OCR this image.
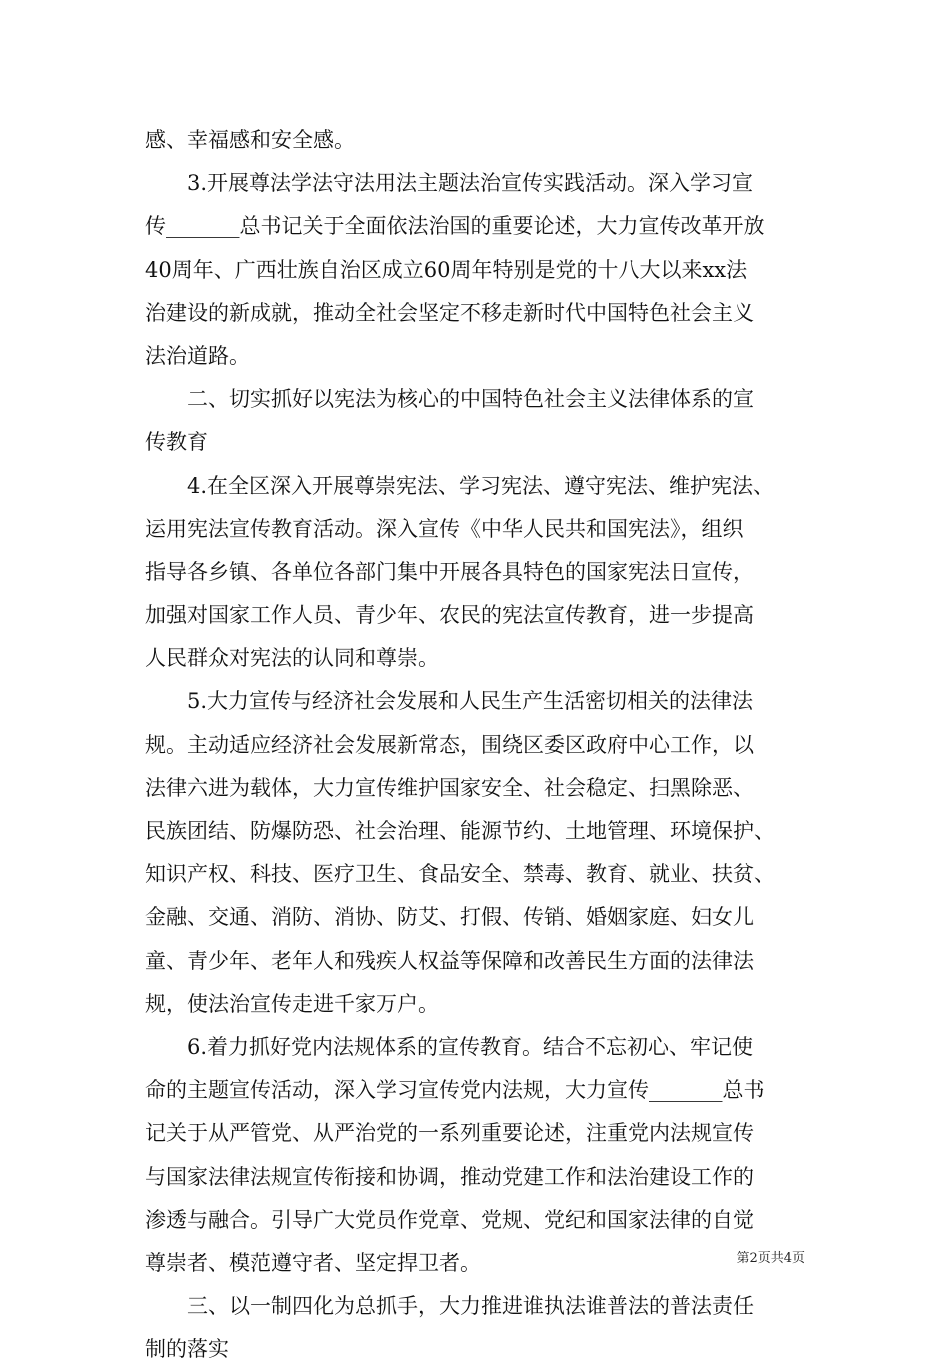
感、幸福感和安全感。
　　3.开展尊法学法守法用法主题法治宣传实践活动。深入学习宣
传_______总书记关于全面依法治国的重要论述，大力宣传改革开放
40周年、广西壮族自治区成立60周年特别是党的十八大以来xx法
治建设的新成就，推动全社会坚定不移走新时代中国特色社会主义
法治道路。
　　二、切实抓好以宪法为核心的中国特色社会主义法律体系的宣
传教育
　　4.在全区深入开展尊崇宪法、学习宪法、遵守宪法、维护宪法、
运用宪法宣传教育活动。深入宣传《中华人民共和国宪法》，组织
指导各乡镇、各单位各部门集中开展各具特色的国家宪法日宣传，
加强对国家工作人员、青少年、农民的宪法宣传教育，进一步提高
人民群众对宪法的认同和尊崇。
　　5.大力宣传与经济社会发展和人民生产生活密切相关的法律法
规。主动适应经济社会发展新常态，围绕区委区政府中心工作，以
法律六进为载体，大力宣传维护国家安全、社会稳定、扫黑除恶、
民族团结、防爆防恐、社会治理、能源节约、土地管理、环境保护、
知识产权、科技、医疗卫生、食品安全、禁毒、教育、就业、扶贫、
金融、交通、消防、消协、防艾、打假、传销、婚姻家庭、妇女儿
童、青少年、老年人和残疾人权益等保障和改善民生方面的法律法
规，使法治宣传走进千家万户。
　　6.着力抓好党内法规体系的宣传教育。结合不忘初心、牢记使
命的主题宣传活动，深入学习宣传党内法规，大力宣传_______总书
记关于从严管党、从严治党的一系列重要论述，注重党内法规宣传
与国家法律法规宣传衔接和协调，推动党建工作和法治建设工作的
渗透与融合。引导广大党员作党章、党规、党纪和国家法律的自觉
尊崇者、模范遵守者、坚定捍卫者。
　　三、以一制四化为总抓手，大力推进谁执法谁普法的普法责任
制的落实
第2页共4页
